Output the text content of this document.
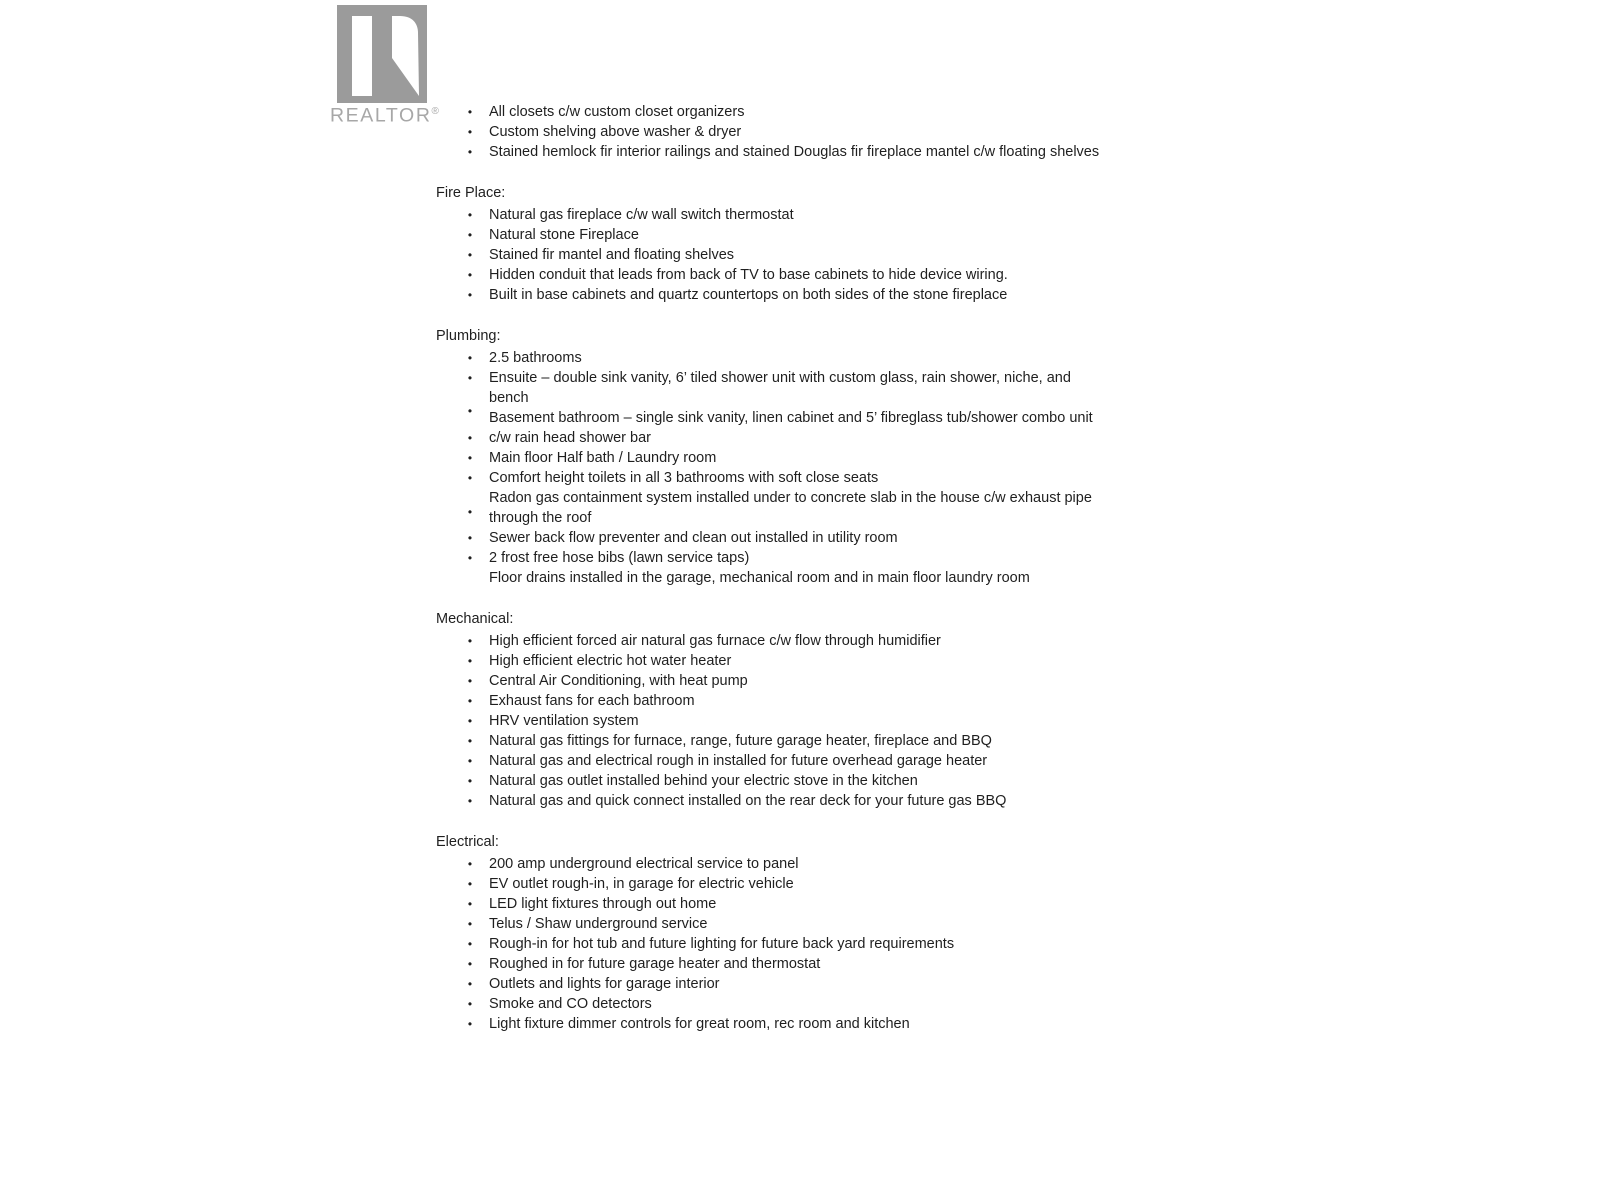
REALTOR®	• All closets c/w custom closet organizers
• Custom shelving above washer & dryer
• Stained hemlock fir interior railings and stained Douglas fir fireplace mantel c/w floating shelves
Fire Place:
• Natural gas fireplace c/w wall switch thermostat
• Natural stone Fireplace
• Stained fir mantel and floating shelves
• Hidden conduit that leads from back of TV to base cabinets to hide device wiring.
• Built in base cabinets and quartz countertops on both sides of the stone fireplace
Plumbing:
• 2.5 bathrooms
• Ensuite – double sink vanity, 6’ tiled shower unit with custom glass, rain shower, niche, and
bench
• Basement bathroom – single sink vanity, linen cabinet and 5’ fibreglass tub/shower combo unit
• c/w rain head shower bar
• Main floor Half bath / Laundry room
• Comfort height toilets in all 3 bathrooms with soft close seats
•
Radon gas containment system installed under to concrete slab in the house c/w exhaust pipe
through the roof
• Sewer back flow preventer and clean out installed in utility room
• 2 frost free hose bibs (lawn service taps)
Floor drains installed in the garage, mechanical room and in main floor laundry room
Mechanical:
• High efficient forced air natural gas furnace c/w flow through humidifier
• High efficient electric hot water heater
• Central Air Conditioning, with heat pump
• Exhaust fans for each bathroom
• HRV ventilation system
• Natural gas fittings for furnace, range, future garage heater, fireplace and BBQ
• Natural gas and electrical rough in installed for future overhead garage heater
• Natural gas outlet installed behind your electric stove in the kitchen
• Natural gas and quick connect installed on the rear deck for your future gas BBQ
Electrical:
• 200 amp underground electrical service to panel
• EV outlet rough-in, in garage for electric vehicle
• LED light fixtures through out home
• Telus / Shaw underground service
• Rough-in for hot tub and future lighting for future back yard requirements
• Roughed in for future garage heater and thermostat
• Outlets and lights for garage interior
• Smoke and CO detectors
• Light fixture dimmer controls for great room, rec room and kitchen
